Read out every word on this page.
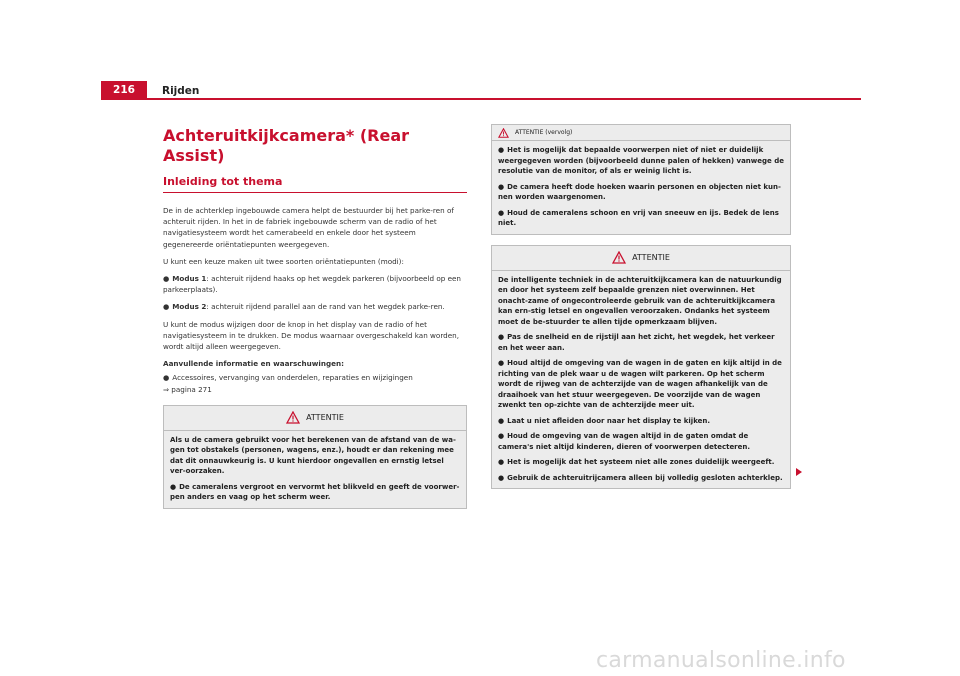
216	Rijden
Achteruitkijkcamera* (Rear Assist)
Inleiding tot thema

De in de achterklep ingebouwde camera helpt de bestuurder bij het parke-ren of achteruit rijden. In het in de fabriek ingebouwde scherm van de radio of het navigatiesysteem wordt het camerabeeld en enkele door het systeem gegenereerde oriëntatiepunten weergegeven.

U kunt een keuze maken uit twee soorten oriëntatiepunten (modi):

● Modus 1: achteruit rijdend haaks op het wegdek parkeren (bijvoorbeeld op een parkeerplaats).

● Modus 2: achteruit rijdend parallel aan de rand van het wegdek parke-ren.

U kunt de modus wijzigen door de knop in het display van de radio of het navigatiesysteem in te drukken. De modus waarnaar overgeschakeld kan worden, wordt altijd alleen weergegeven.

Aanvullende informatie en waarschuwingen:

● Accessoires, vervanging van onderdelen, reparaties en wijzigingen

⇒ pagina 271

ATTENTIE

Als u de camera gebruikt voor het berekenen van de afstand van de wa-gen tot obstakels (personen, wagens, enz.), houdt er dan rekening mee dat dit onnauwkeurig is. U kunt hierdoor ongevallen en ernstig letsel ver-oorzaken.

● De cameralens vergroot en vervormt het blikveld en geeft de voorwer-pen anders en vaag op het scherm weer.

ATTENTIE (vervolg)

● Het is mogelijk dat bepaalde voorwerpen niet of niet er duidelijk weergegeven worden (bijvoorbeeld dunne palen of hekken) vanwege de resolutie van de monitor, of als er weinig licht is.

● De camera heeft dode hoeken waarin personen en objecten niet kun-nen worden waargenomen.

● Houd de cameralens schoon en vrij van sneeuw en ijs. Bedek de lens niet.

ATTENTIE

De intelligente techniek in de achteruitkijkcamera kan de natuurkundig en door het systeem zelf bepaalde grenzen niet overwinnen. Het onacht-zame of ongecontroleerde gebruik van de achteruitkijkcamera kan ern-stig letsel en ongevallen veroorzaken. Ondanks het systeem moet de be-stuurder te allen tijde opmerkzaam blijven.

● Pas de snelheid en de rijstijl aan het zicht, het wegdek, het verkeer en het weer aan.

● Houd altijd de omgeving van de wagen in de gaten en kijk altijd in de richting van de plek waar u de wagen wilt parkeren. Op het scherm wordt de rijweg van de achterzijde van de wagen afhankelijk van de draaihoek van het stuur weergegeven. De voorzijde van de wagen zwenkt ten op-zichte van de achterzijde meer uit.

● Laat u niet afleiden door naar het display te kijken.

● Houd de omgeving van de wagen altijd in de gaten omdat de camera's niet altijd kinderen, dieren of voorwerpen detecteren.

● Het is mogelijk dat het systeem niet alle zones duidelijk weergeeft.

● Gebruik de achteruitrijcamera alleen bij volledig gesloten achterklep.

carmanualsonline.info
